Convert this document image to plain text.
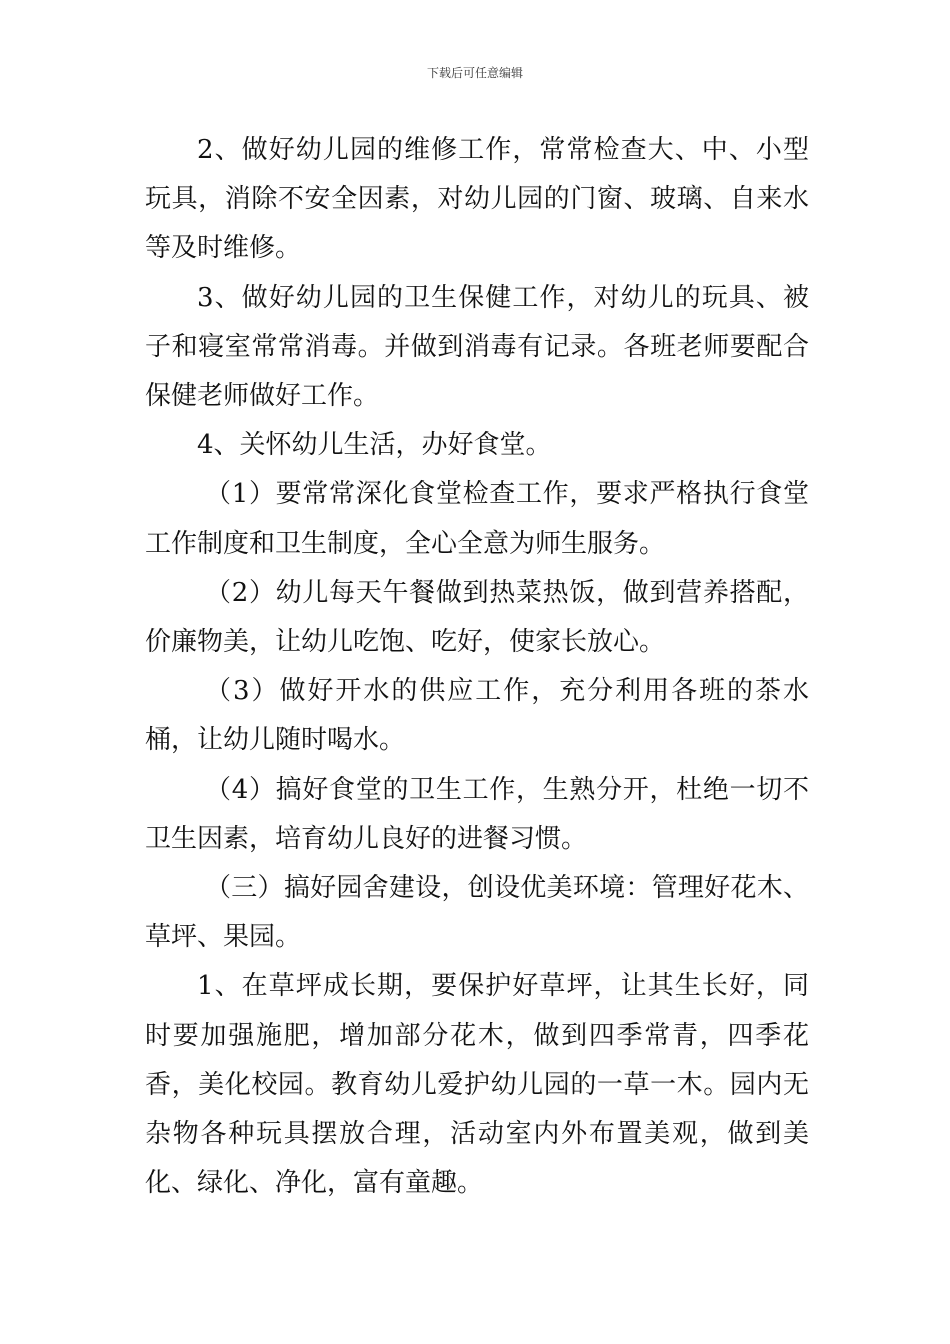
下载后可任意编辑

2、做好幼儿园的维修工作，常常检查大、中、小型玩具，消除不安全因素，对幼儿园的门窗、玻璃、自来水等及时维修。

3、做好幼儿园的卫生保健工作，对幼儿的玩具、被子和寝室常常消毒。并做到消毒有记录。各班老师要配合保健老师做好工作。

4、关怀幼儿生活，办好食堂。

（1）要常常深化食堂检查工作，要求严格执行食堂工作制度和卫生制度，全心全意为师生服务。

（2）幼儿每天午餐做到热菜热饭，做到营养搭配，价廉物美，让幼儿吃饱、吃好，使家长放心。

（3）做好开水的供应工作，充分利用各班的茶水桶，让幼儿随时喝水。

（4）搞好食堂的卫生工作，生熟分开，杜绝一切不卫生因素，培育幼儿良好的进餐习惯。

（三）搞好园舍建设，创设优美环境：管理好花木、草坪、果园。

1、在草坪成长期，要保护好草坪，让其生长好，同时要加强施肥，增加部分花木，做到四季常青，四季花香，美化校园。教育幼儿爱护幼儿园的一草一木。园内无杂物各种玩具摆放合理，活动室内外布置美观，做到美化、绿化、净化，富有童趣。
